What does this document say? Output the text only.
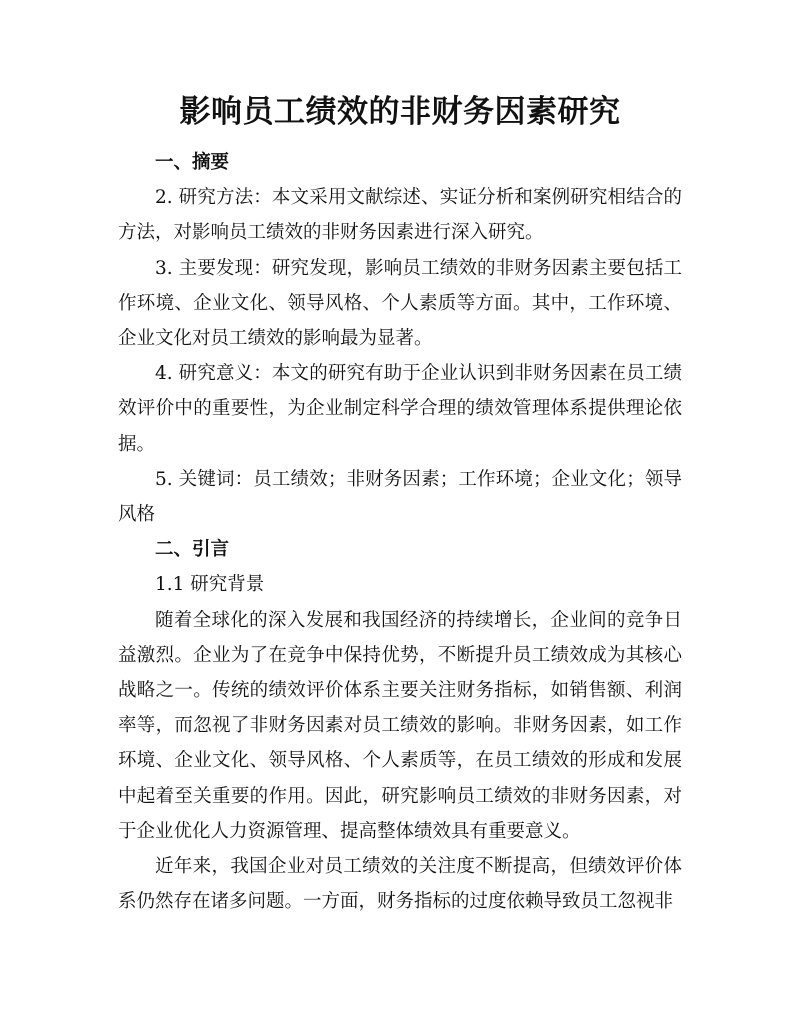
影响员工绩效的非财务因素研究

一、摘要

2. 研究方法：本文采用文献综述、实证分析和案例研究相结合的方法，对影响员工绩效的非财务因素进行深入研究。

3. 主要发现：研究发现，影响员工绩效的非财务因素主要包括工作环境、企业文化、领导风格、个人素质等方面。其中，工作环境、企业文化对员工绩效的影响最为显著。

4. 研究意义：本文的研究有助于企业认识到非财务因素在员工绩效评价中的重要性，为企业制定科学合理的绩效管理体系提供理论依据。

5. 关键词：员工绩效；非财务因素；工作环境；企业文化；领导风格

二、引言

1.1 研究背景

随着全球化的深入发展和我国经济的持续增长，企业间的竞争日益激烈。企业为了在竞争中保持优势，不断提升员工绩效成为其核心战略之一。传统的绩效评价体系主要关注财务指标，如销售额、利润率等，而忽视了非财务因素对员工绩效的影响。非财务因素，如工作环境、企业文化、领导风格、个人素质等，在员工绩效的形成和发展中起着至关重要的作用。因此，研究影响员工绩效的非财务因素，对于企业优化人力资源管理、提高整体绩效具有重要意义。

近年来，我国企业对员工绩效的关注度不断提高，但绩效评价体系仍然存在诸多问题。一方面，财务指标的过度依赖导致员工忽视非
